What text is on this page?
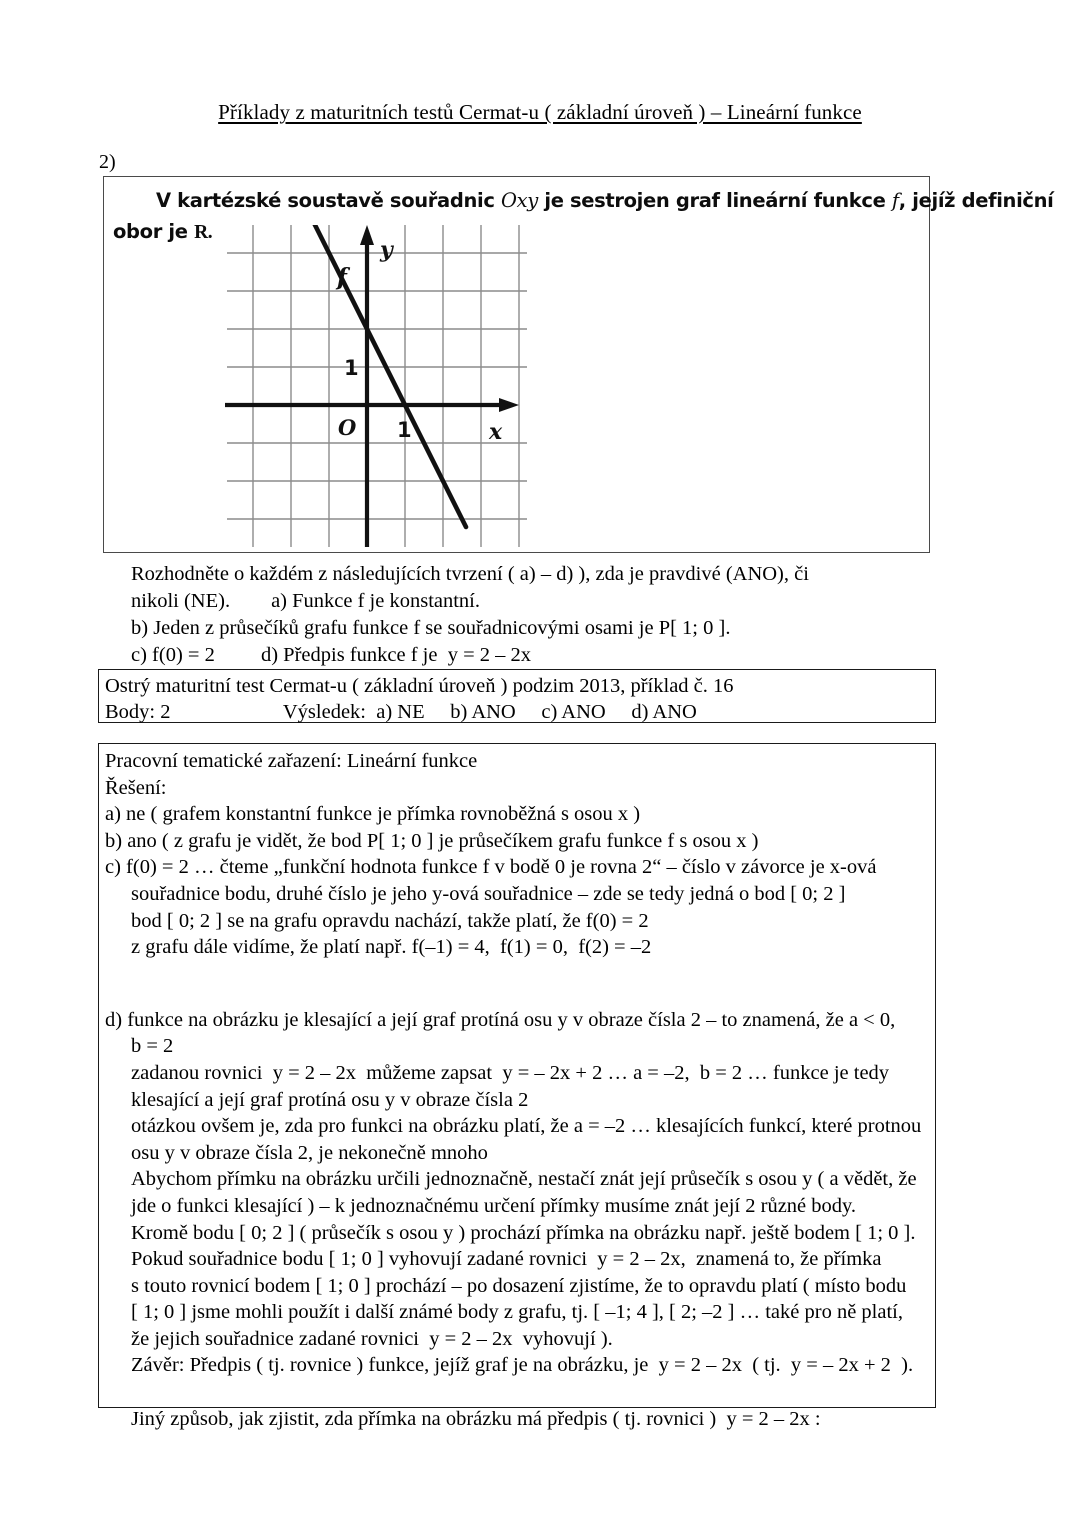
Příklady z maturitních testů Cermat-u ( základní úroveň ) – Lineární funkce
2)
V kartézské soustavě souřadnic Oxy je sestrojen graf lineární funkce f, jejíž definiční
obor je R.
y
x
O 1
1
f
Rozhodněte o každém z následujících tvrzení ( a) – d) ), zda je pravdivé (ANO), či
nikoli (NE).        a) Funkce f je konstantní.
b) Jeden z průsečíků grafu funkce f se souřadnicovými osami je P[ 1; 0 ].
c) f(0) = 2         d) Předpis funkce f je  y = 2 – 2x
Ostrý maturitní test Cermat-u ( základní úroveň ) podzim 2013, příklad č. 16
Body: 2                      Výsledek:  a) NE     b) ANO     c) ANO     d) ANO
Pracovní tematické zařazení: Lineární funkce
Řešení:
a) ne ( grafem konstantní funkce je přímka rovnoběžná s osou x )
b) ano ( z grafu je vidět, že bod P[ 1; 0 ] je průsečíkem grafu funkce f s osou x )
c) f(0) = 2 … čteme „funkční hodnota funkce f v bodě 0 je rovna 2“ – číslo v závorce je x-ová
souřadnice bodu, druhé číslo je jeho y-ová souřadnice – zde se tedy jedná o bod [ 0; 2 ]
bod [ 0; 2 ] se na grafu opravdu nachází, takže platí, že f(0) = 2
z grafu dále vidíme, že platí např. f(–1) = 4,  f(1) = 0,  f(2) = –2
d) funkce na obrázku je klesající a její graf protíná osu y v obraze čísla 2 – to znamená, že a < 0,
b = 2
zadanou rovnici  y = 2 – 2x  můžeme zapsat  y = – 2x + 2 … a = –2,  b = 2 … funkce je tedy
klesající a její graf protíná osu y v obraze čísla 2
otázkou ovšem je, zda pro funkci na obrázku platí, že a = –2 … klesajících funkcí, které protnou
osu y v obraze čísla 2, je nekonečně mnoho
Abychom přímku na obrázku určili jednoznačně, nestačí znát její průsečík s osou y ( a vědět, že
jde o funkci klesající ) – k jednoznačnému určení přímky musíme znát její 2 různé body.
Kromě bodu [ 0; 2 ] ( průsečík s osou y ) prochází přímka na obrázku např. ještě bodem [ 1; 0 ].
Pokud souřadnice bodu [ 1; 0 ] vyhovují zadané rovnici  y = 2 – 2x,  znamená to, že přímka
s touto rovnicí bodem [ 1; 0 ] prochází – po dosazení zjistíme, že to opravdu platí ( místo bodu
[ 1; 0 ] jsme mohli použít i další známé body z grafu, tj. [ –1; 4 ], [ 2; –2 ] … také pro ně platí,
že jejich souřadnice zadané rovnici  y = 2 – 2x  vyhovují ).
Závěr: Předpis ( tj. rovnice ) funkce, jejíž graf je na obrázku, je  y = 2 – 2x  ( tj.  y = – 2x + 2  ).
Jiný způsob, jak zjistit, zda přímka na obrázku má předpis ( tj. rovnici )  y = 2 – 2x :
